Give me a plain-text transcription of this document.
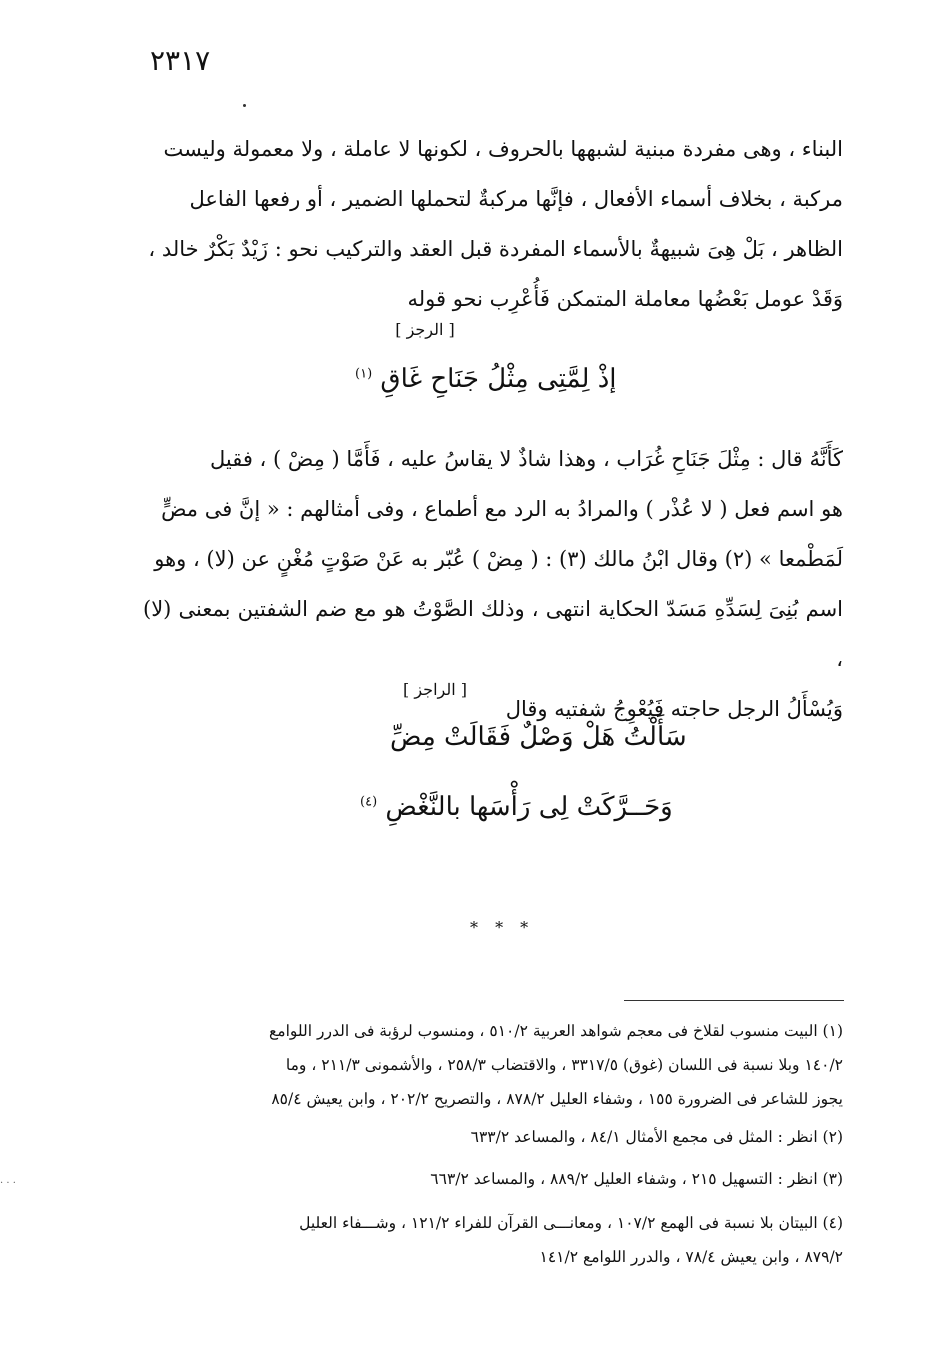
٢٣١٧

البناء ، وهى مفردة مبنية لشبهها بالحروف ، لكونها لا عاملة ، ولا معمولة وليست

مركبة ، بخلاف أسماء الأفعال ، فإنَّها مركبةٌ لتحملها الضمير ، أو رفعها الفاعل

الظاهر ، بَلْ هِىَ شبيهةٌ بالأسماء المفردة قبل العقد والتركيب نحو : زَيْدٌ بَكْرٌ خالد ،

وَقَدْ عومل بَعْضُها معاملة المتمكن فَأُعْرِب نحو قوله

[ الرجز ]
إذْ لِمَّتِى مِثْلُ جَنَاحِ غَاقِ $^{(١)}$

كَأَنَّهُ قال : مِثْلَ جَنَاحِ غُرَاب ، وهذا شاذٌ لا يقاسُ عليه ، فَأَمَّا ( مِضْ ) ، فقيل

هو اسم فعل ( لا عُذْر ) والمرادُ به الرد مع أطماع ، وفى أمثالهم : « إنَّ فى مضٍّ

لَمَطْمعا » (٢) وقال ابْنُ مالك (٣) : ( مِضْ ) عُبّر به عَنْ صَوْتٍ مُغْنٍ عن (لا) ، وهو

اسم بُنِىَ لِسَدِّهِ مَسَدّ الحكاية انتهى ، وذلك الصَّوْتُ هو مع ضم الشفتين بمعنى (لا) ،

وَيُسْأَلُ الرجل حاجته فَيُعْوِجُ شفتيه وقال

[ الراجز ]
سَأَلْتُ هَلْ وَصْلٌ فَقَالَتْ مِضِّ
وَحَــرَّكَتْ لِى رَأْسَها بالنَّغْضِ $^{(٤)}$
* * *

(١) البيت منسوب لقلاخ فى معجم شواهد العربية ٥١٠/٢ ، ومنسوب لرؤبة فى الدرر اللوامع

١٤٠/٢ وبلا نسبة فى اللسان (غوق) ٣٣١٧/٥ ، والاقتضاب ٢٥٨/٣ ، والأشمونى ٢١١/٣ ، وما

يجوز للشاعر فى الضرورة ١٥٥ ، وشفاء العليل ٨٧٨/٢ ، والتصريح ٢٠٢/٢ ، وابن يعيش ٨٥/٤

(٢) انظر : المثل فى مجمع الأمثال ٨٤/١ ، والمساعد ٦٣٣/٢

(٣) انظر : التسهيل ٢١٥ ، وشفاء العليل ٨٨٩/٢ ، والمساعد ٦٦٣/٢

(٤) البيتان بلا نسبة فى الهمع ١٠٧/٢ ، ومعانـــى القرآن للفراء ١٢١/٢ ، وشـــفاء العليل

٨٧٩/٢ ، وابن يعيش ٧٨/٤ ، والدرر اللوامع ١٤١/٢

· · ·
